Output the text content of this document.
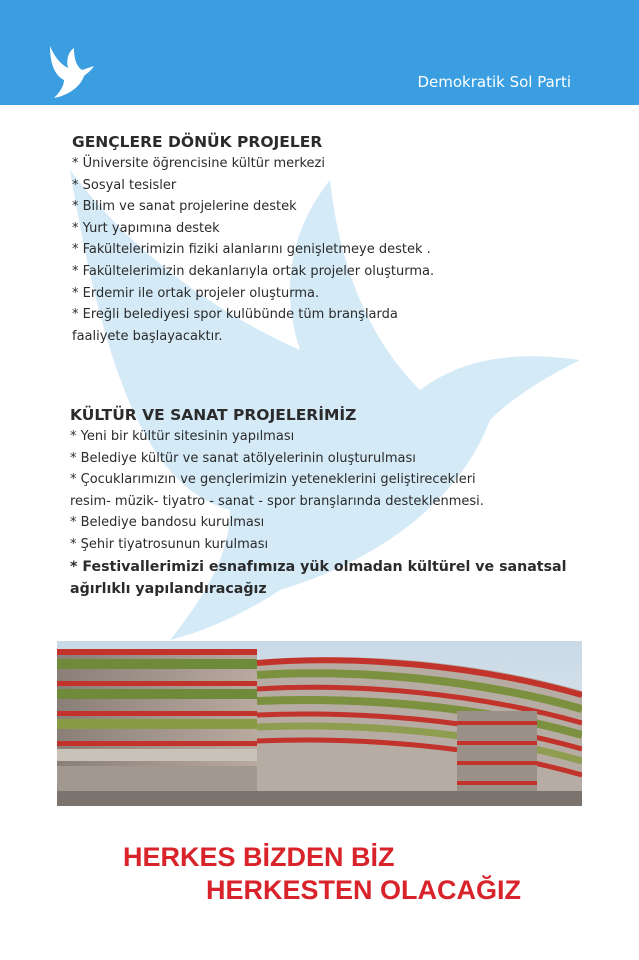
Demokratik Sol Parti
GENÇLERE DÖNÜK PROJELER
* Üniversite öğrencisine kültür merkezi
* Sosyal tesisler
* Bilim ve sanat projelerine destek
* Yurt yapımına destek
* Fakültelerimizin fiziki alanlarını genişletmeye destek .
* Fakültelerimizin dekanlarıyla ortak projeler oluşturma.
* Erdemir ile ortak projeler oluşturma.
* Ereğli belediyesi spor kulübünde tüm branşlarda
faaliyete başlayacaktır.
KÜLTÜR VE SANAT PROJELERİMİZ
* Yeni bir kültür sitesinin yapılması
* Belediye kültür ve sanat atölyelerinin oluşturulması
* Çocuklarımızın ve gençlerimizin yeteneklerini geliştirecekleri
resim- müzik- tiyatro - sanat - spor branşlarında desteklenmesi.
* Belediye bandosu kurulması
* Şehir tiyatrosunun kurulması
* Festivallerimizi esnafımıza yük olmadan kültürel ve sanatsal
ağırlıklı yapılandıracağız
HERKES BİZDEN BİZ
HERKESTEN OLACAĞIZ
